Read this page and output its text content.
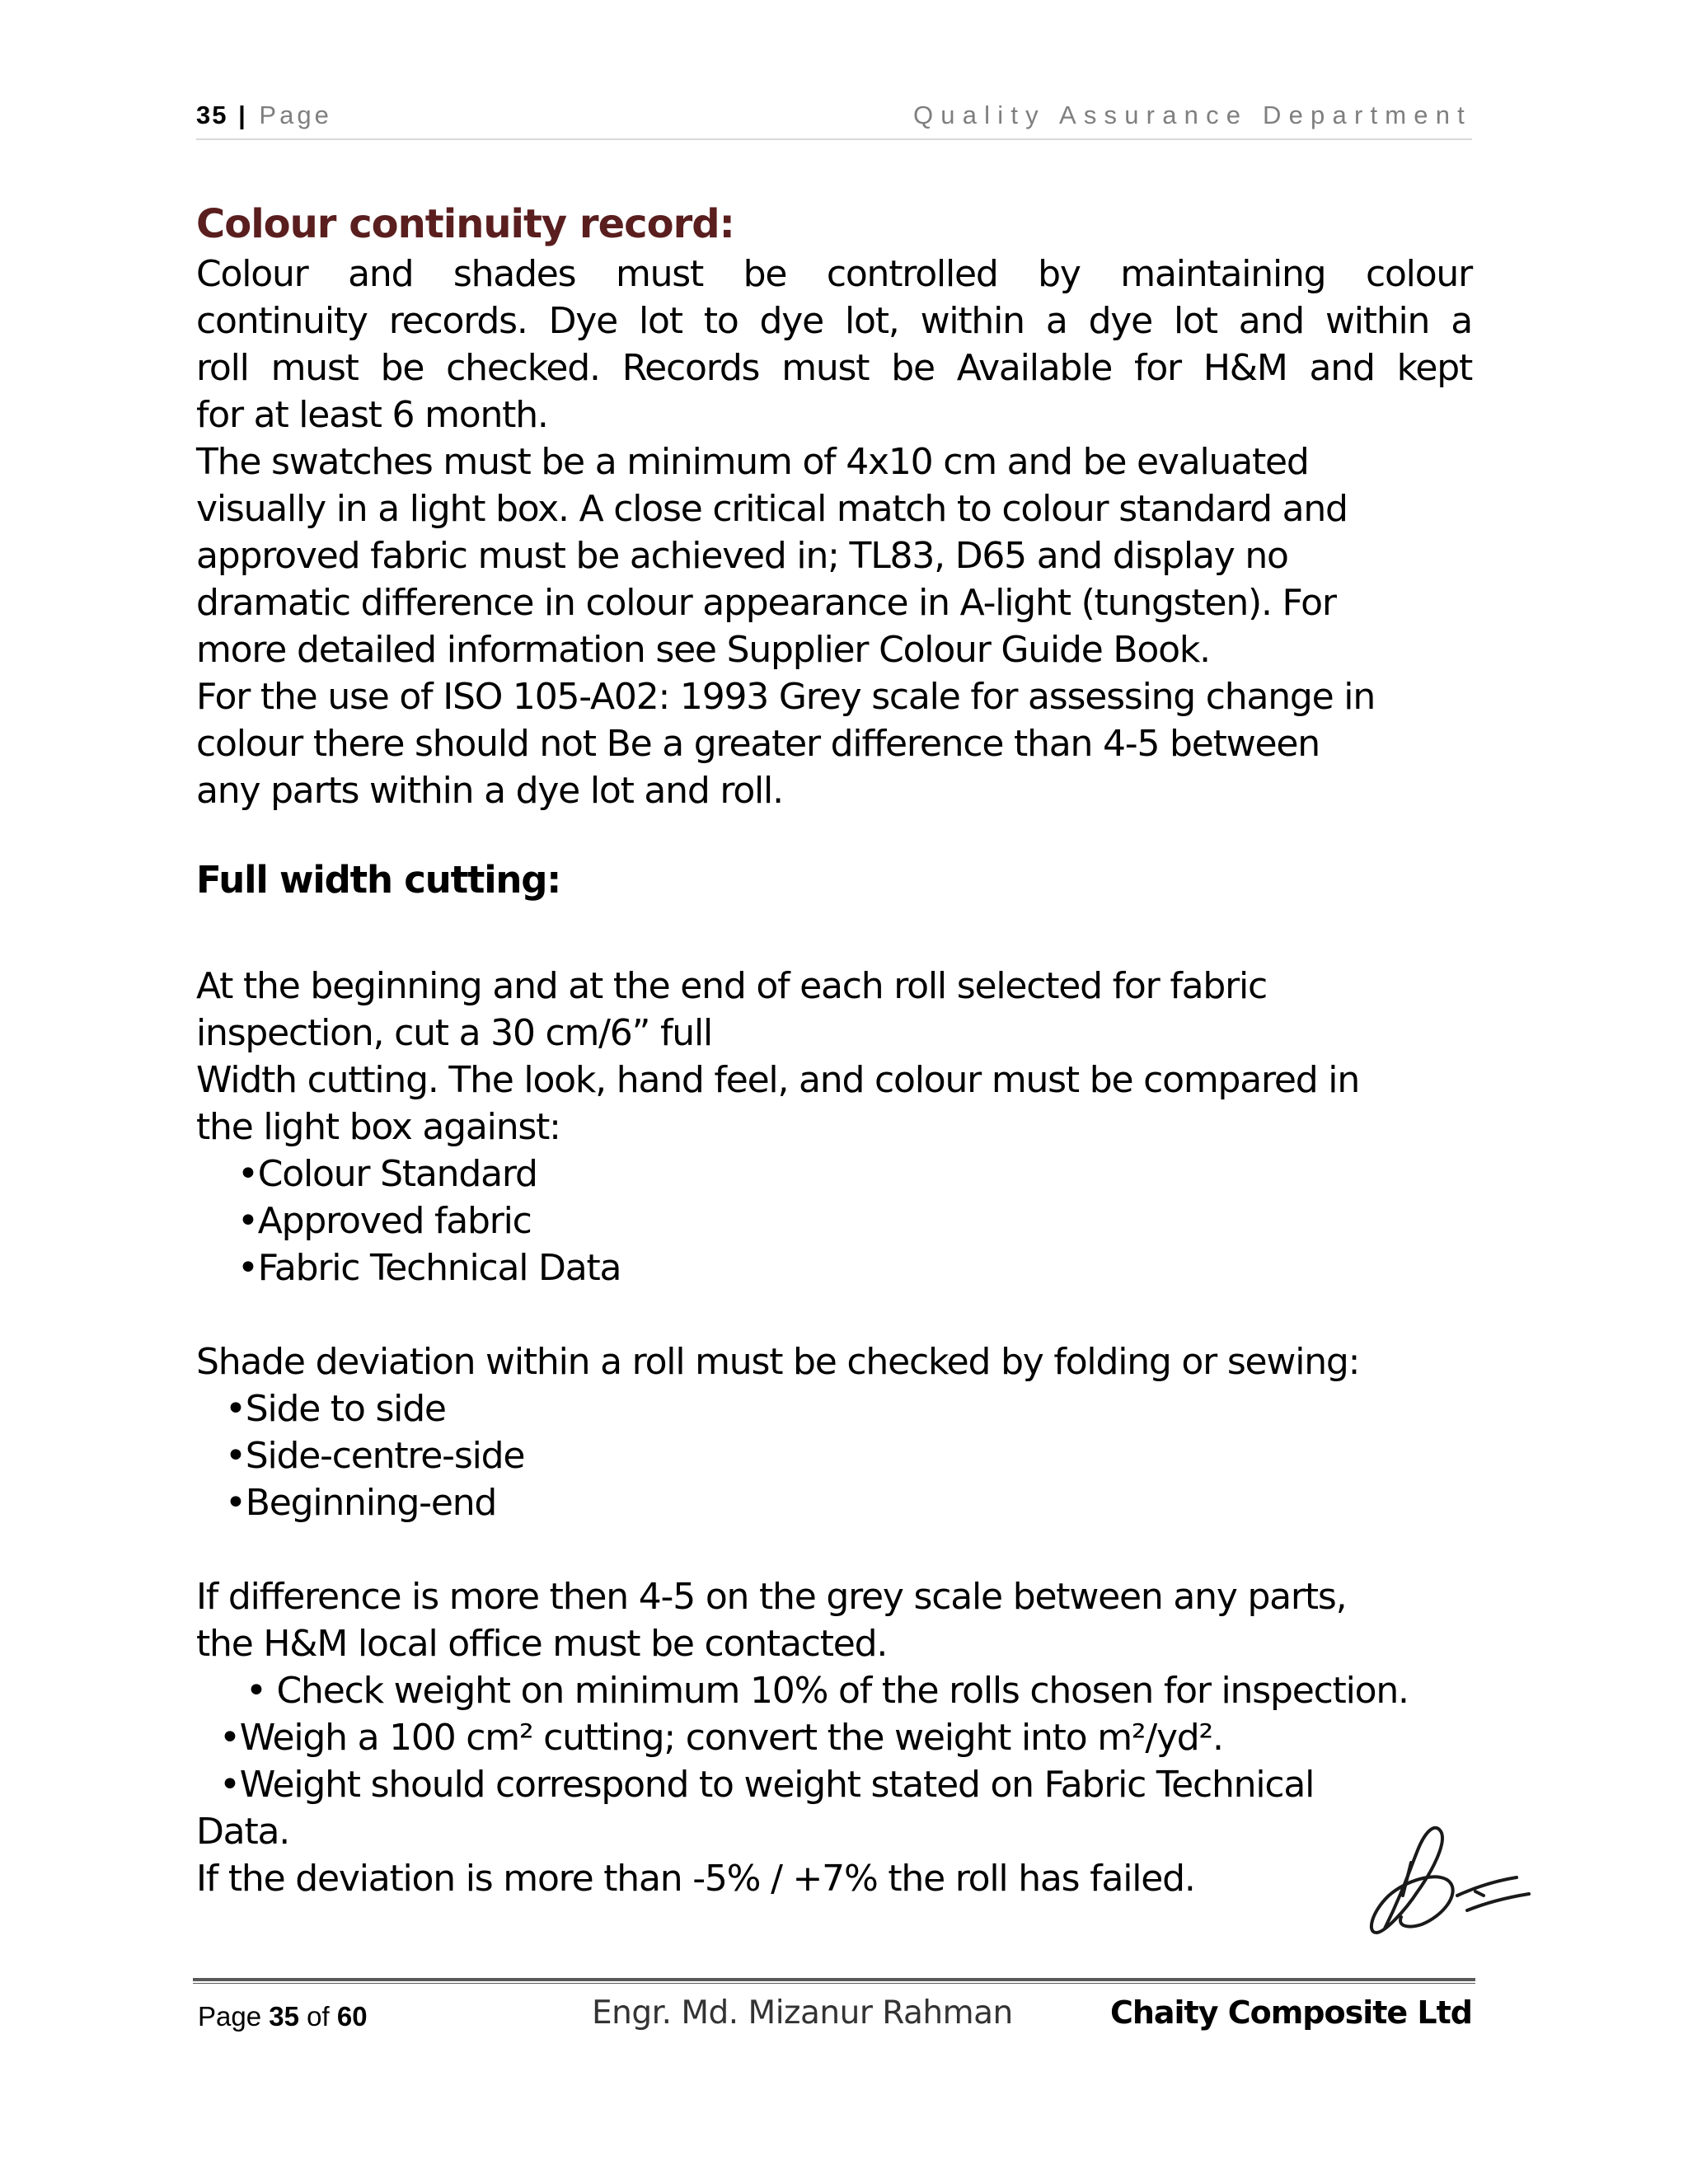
35 | Page	Quality Assurance Department
Colour continuity record:
Colour and shades must be controlled by maintaining colour
continuity records. Dye lot to dye lot, within a dye lot and within a
roll must be checked. Records must be Available for H&M and kept
for at least 6 month.
The swatches must be a minimum of 4x10 cm and be evaluated
visually in a light box. A close critical match to colour standard and
approved fabric must be achieved in; TL83, D65 and display no
dramatic difference in colour appearance in A-light (tungsten). For
more detailed information see Supplier Colour Guide Book.
For the use of ISO 105-A02: 1993 Grey scale for assessing change in
colour there should not Be a greater difference than 4-5 between
any parts within a dye lot and roll.
Full width cutting:
At the beginning and at the end of each roll selected for fabric
inspection, cut a 30 cm/6” full
Width cutting. The look, hand feel, and colour must be compared in
the light box against:
•Colour Standard
•Approved fabric
•Fabric Technical Data
Shade deviation within a roll must be checked by folding or sewing:
•Side to side
•Side-centre-side
•Beginning-end
If difference is more then 4-5 on the grey scale between any parts,
the H&M local office must be contacted.
• Check weight on minimum 10% of the rolls chosen for inspection.
•Weigh a 100 cm² cutting; convert the weight into m²/yd².
•Weight should correspond to weight stated on Fabric Technical
Data.
If the deviation is more than -5% / +7% the roll has failed.
Page 35 of 60	Engr. Md. Mizanur Rahman	Chaity Composite Ltd
